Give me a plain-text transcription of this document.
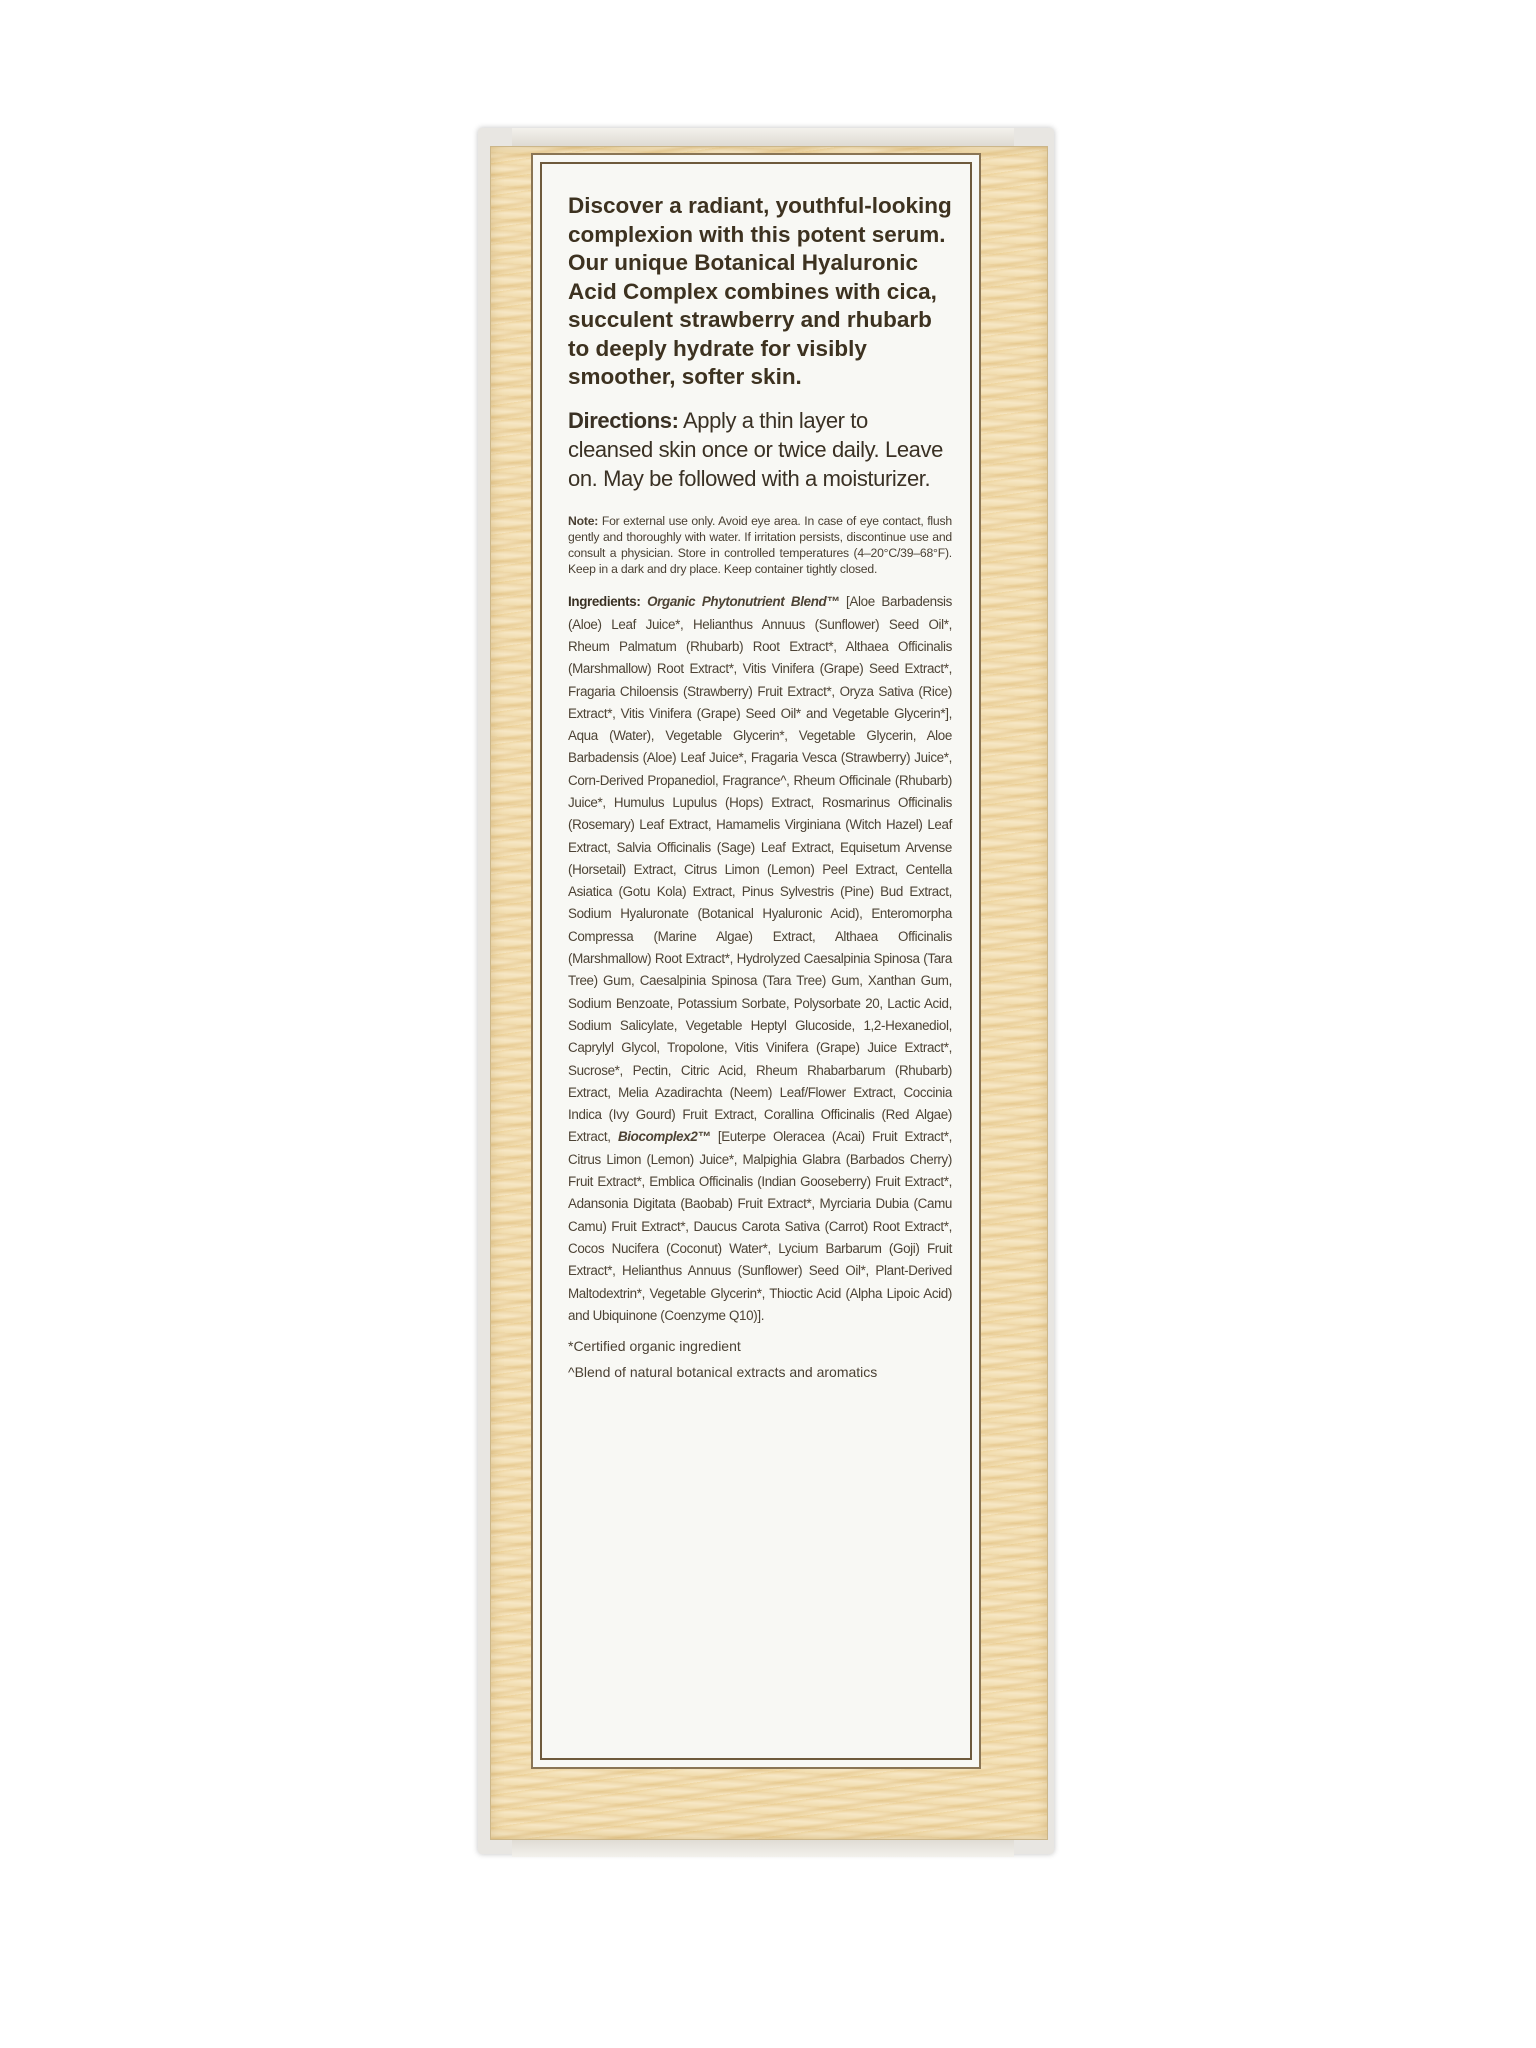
Discover a radiant, youthful-looking complexion with this potent serum. Our unique Botanical Hyaluronic Acid Complex combines with cica, succulent strawberry and rhubarb to deeply hydrate for visibly smoother, softer skin.

Directions: Apply a thin layer to cleansed skin once or twice daily. Leave on. May be followed with a moisturizer.

Note: For external use only. Avoid eye area. In case of eye contact, flush gently and thoroughly with water. If irritation persists, discontinue use and consult a physician. Store in controlled temperatures (4–20°C/39–68°F). Keep in a dark and dry place. Keep container tightly closed.

Ingredients: Organic Phytonutrient Blend™ [Aloe Barbadensis (Aloe) Leaf Juice*, Helianthus Annuus (Sunflower) Seed Oil*, Rheum Palmatum (Rhubarb) Root Extract*, Althaea Officinalis (Marshmallow) Root Extract*, Vitis Vinifera (Grape) Seed Extract*, Fragaria Chiloensis (Strawberry) Fruit Extract*, Oryza Sativa (Rice) Extract*, Vitis Vinifera (Grape) Seed Oil* and Vegetable Glycerin*], Aqua (Water), Vegetable Glycerin*, Vegetable Glycerin, Aloe Barbadensis (Aloe) Leaf Juice*, Fragaria Vesca (Strawberry) Juice*, Corn-Derived Propanediol, Fragrance^, Rheum Officinale (Rhubarb) Juice*, Humulus Lupulus (Hops) Extract, Rosmarinus Officinalis (Rosemary) Leaf Extract, Hamamelis Virginiana (Witch Hazel) Leaf Extract, Salvia Officinalis (Sage) Leaf Extract, Equisetum Arvense (Horsetail) Extract, Citrus Limon (Lemon) Peel Extract, Centella Asiatica (Gotu Kola) Extract, Pinus Sylvestris (Pine) Bud Extract, Sodium Hyaluronate (Botanical Hyaluronic Acid), Enteromorpha Compressa (Marine Algae) Extract, Althaea Officinalis (Marshmallow) Root Extract*, Hydrolyzed Caesalpinia Spinosa (Tara Tree) Gum, Caesalpinia Spinosa (Tara Tree) Gum, Xanthan Gum, Sodium Benzoate, Potassium Sorbate, Polysorbate 20, Lactic Acid, Sodium Salicylate, Vegetable Heptyl Glucoside, 1,2-Hexanediol, Caprylyl Glycol, Tropolone, Vitis Vinifera (Grape) Juice Extract*, Sucrose*, Pectin, Citric Acid, Rheum Rhabarbarum (Rhubarb) Extract, Melia Azadirachta (Neem) Leaf/Flower Extract, Coccinia Indica (Ivy Gourd) Fruit Extract, Corallina Officinalis (Red Algae) Extract, Biocomplex2™ [Euterpe Oleracea (Acai) Fruit Extract*, Citrus Limon (Lemon) Juice*, Malpighia Glabra (Barbados Cherry) Fruit Extract*, Emblica Officinalis (Indian Gooseberry) Fruit Extract*, Adansonia Digitata (Baobab) Fruit Extract*, Myrciaria Dubia (Camu Camu) Fruit Extract*, Daucus Carota Sativa (Carrot) Root Extract*, Cocos Nucifera (Coconut) Water*, Lycium Barbarum (Goji) Fruit Extract*, Helianthus Annuus (Sunflower) Seed Oil*, Plant-Derived Maltodextrin*, Vegetable Glycerin*, Thioctic Acid (Alpha Lipoic Acid) and Ubiquinone (Coenzyme Q10)].

*Certified organic ingredient

^Blend of natural botanical extracts and aromatics
